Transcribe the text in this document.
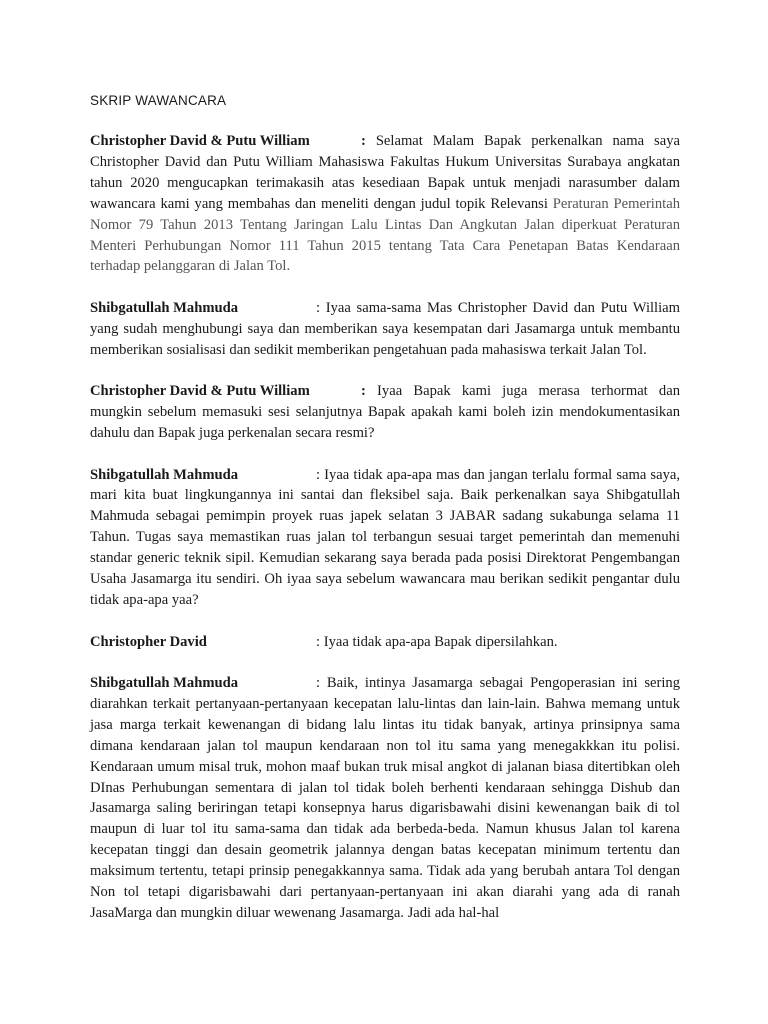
SKRIP WAWANCARA

Christopher David & Putu William	: Selamat Malam Bapak perkenalkan nama saya Christopher David dan Putu William Mahasiswa Fakultas Hukum Universitas Surabaya angkatan tahun 2020 mengucapkan terimakasih atas kesediaan Bapak untuk menjadi narasumber dalam wawancara kami yang membahas dan meneliti dengan judul topik Relevansi Peraturan Pemerintah Nomor 79 Tahun 2013 Tentang Jaringan Lalu Lintas Dan Angkutan Jalan diperkuat Peraturan Menteri Perhubungan Nomor 111 Tahun 2015 tentang Tata Cara Penetapan Batas Kendaraan terhadap pelanggaran di Jalan Tol.

Shibgatullah Mahmuda	: Iyaa sama-sama Mas Christopher David dan Putu William yang sudah menghubungi saya dan memberikan saya kesempatan dari Jasamarga untuk membantu memberikan sosialisasi dan sedikit memberikan pengetahuan pada mahasiswa terkait Jalan Tol.

Christopher David & Putu William	: Iyaa Bapak kami juga merasa terhormat dan mungkin sebelum memasuki sesi selanjutnya Bapak apakah kami boleh izin mendokumentasikan dahulu dan Bapak juga perkenalan secara resmi?

Shibgatullah Mahmuda	: Iyaa tidak apa-apa mas dan jangan terlalu formal sama saya, mari kita buat lingkungannya ini santai dan fleksibel saja. Baik perkenalkan saya Shibgatullah Mahmuda sebagai pemimpin proyek ruas japek selatan 3 JABAR sadang sukabunga selama 11 Tahun. Tugas saya memastikan ruas jalan tol terbangun sesuai target pemerintah dan memenuhi standar generic teknik sipil. Kemudian sekarang saya berada pada posisi Direktorat Pengembangan Usaha Jasamarga itu sendiri. Oh iyaa saya sebelum wawancara mau berikan sedikit pengantar dulu tidak apa-apa yaa?

Christopher David	: Iyaa tidak apa-apa Bapak dipersilahkan.

Shibgatullah Mahmuda	: Baik, intinya Jasamarga sebagai Pengoperasian ini sering diarahkan terkait pertanyaan-pertanyaan kecepatan lalu-lintas dan lain-lain. Bahwa memang untuk jasa marga terkait kewenangan di bidang lalu lintas itu tidak banyak, artinya prinsipnya sama dimana kendaraan jalan tol maupun kendaraan non tol itu sama yang menegakkkan itu polisi. Kendaraan umum misal truk, mohon maaf bukan truk misal angkot di jalanan biasa ditertibkan oleh DInas Perhubungan sementara di jalan tol tidak boleh berhenti kendaraan sehingga Dishub dan Jasamarga saling beriringan tetapi konsepnya harus digarisbawahi disini kewenangan baik di tol maupun di luar tol itu sama-sama dan tidak ada berbeda-beda. Namun khusus Jalan tol karena kecepatan tinggi dan desain geometrik jalannya dengan batas kecepatan minimum tertentu dan maksimum tertentu, tetapi prinsip penegakkannya sama. Tidak ada yang berubah antara Tol dengan Non tol tetapi digarisbawahi dari pertanyaan-pertanyaan ini akan diarahi yang ada di ranah JasaMarga dan mungkin diluar wewenang Jasamarga. Jadi ada hal-hal
